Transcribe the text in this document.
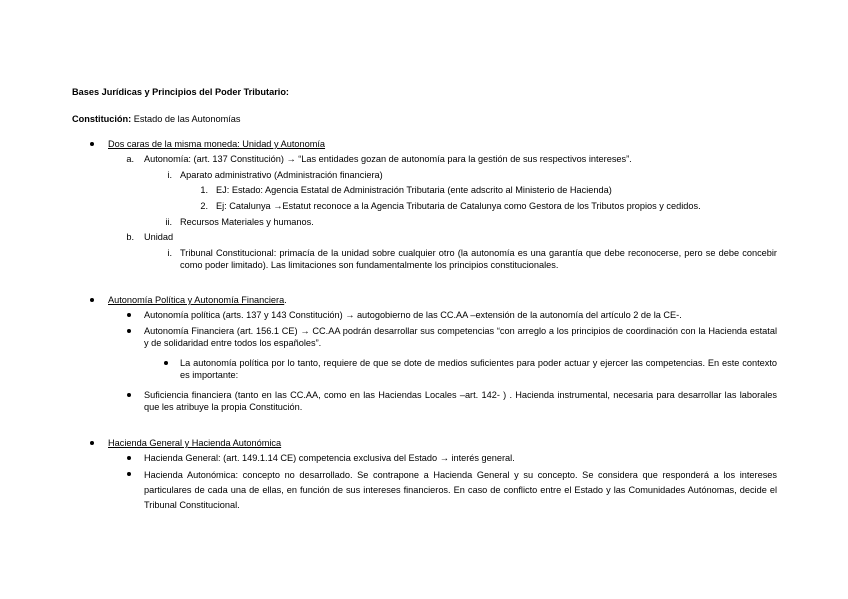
Bases Jurídicas y Principios del Poder Tributario:
Constitución: Estado de las Autonomías
Dos caras de la misma moneda: Unidad y Autonomía
a. Autonomía: (art. 137 Constitución) → “Las entidades gozan de autonomía para la gestión de sus respectivos intereses”.
i. Aparato administrativo (Administración financiera)
1. EJ: Estado: Agencia Estatal de Administración Tributaria (ente adscrito al Ministerio de Hacienda)
2. Ej: Catalunya →Estatut reconoce a la Agencia Tributaria de Catalunya como Gestora de los Tributos propios y cedidos.
ii. Recursos Materiales y humanos.
b. Unidad
i. Tribunal Constitucional: primacía de la unidad sobre cualquier otro (la autonomía es una garantía que debe reconocerse, pero se debe concebir como poder limitado). Las limitaciones son fundamentalmente los principios constitucionales.
Autonomía Política y Autonomía Financiera.
Autonomía política (arts. 137 y 143 Constitución) → autogobierno de las CC.AA –extensión de la autonomía del artículo 2 de la CE-.
Autonomía Financiera (art. 156.1 CE) → CC.AA podrán desarrollar sus competencias “con arreglo a los principios de coordinación con la Hacienda estatal y de solidaridad entre todos los españoles”.
La autonomía política por lo tanto, requiere de que se dote de medios suficientes para poder actuar y ejercer las competencias. En este contexto es importante:
Suficiencia financiera (tanto en las CC.AA, como en las Haciendas Locales –art. 142- ) . Hacienda instrumental, necesaria para desarrollar las laborales que les atribuye la propia Constitución.
Hacienda General y Hacienda Autonómica
Hacienda General: (art. 149.1.14 CE) competencia exclusiva del Estado → interés general.
Hacienda Autonómica: concepto no desarrollado. Se contrapone a Hacienda General y su concepto. Se considera que responderá a los intereses particulares de cada una de ellas, en función de sus intereses financieros. En caso de conflicto entre el Estado y las Comunidades Autónomas, decide el Tribunal Constitucional.
